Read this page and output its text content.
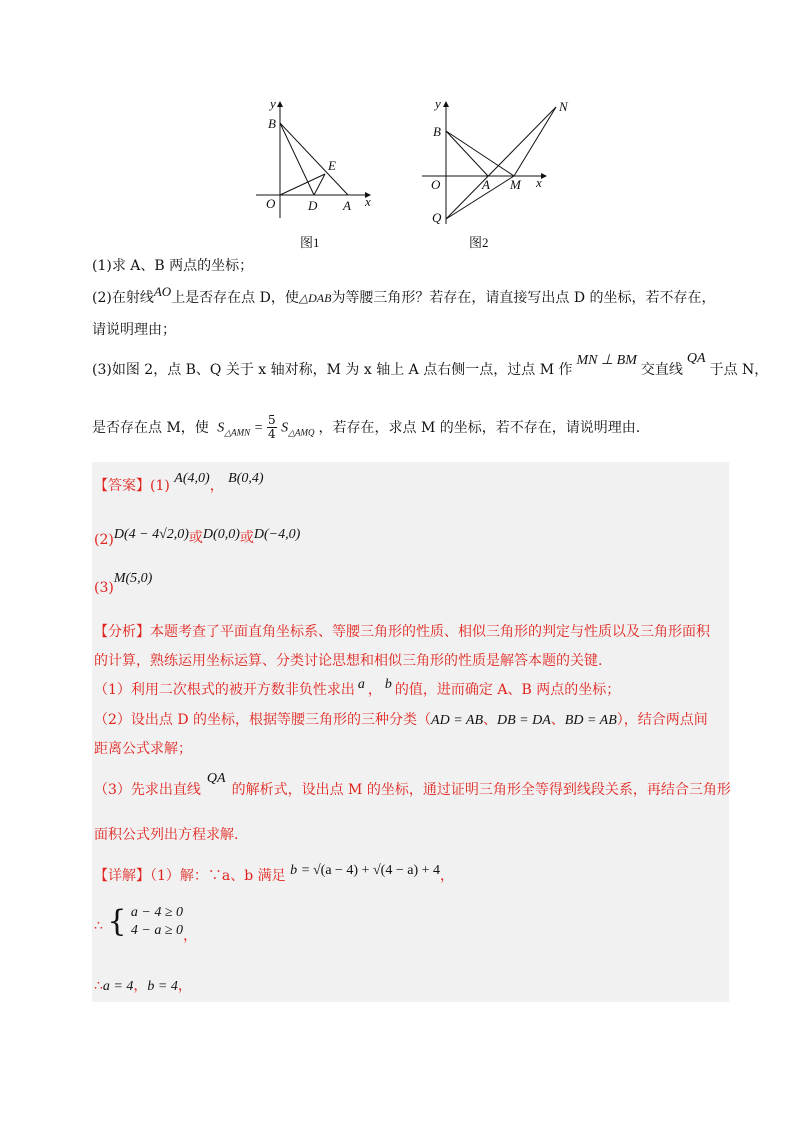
y
B
E
O	D A x
图1
y	N
B
O	A M x
Q
图2
(1)求 A、B 两点的坐标；
(2)在射线AO上是否存在点 D，使△DAB为等腰三角形？若存在，请直接写出点 D 的坐标，若不存在，
请说明理由；
(3)如图 2，点 B、Q 关于 x 轴对称，M 为 x 轴上 A 点右侧一点，过点 M 作MN ⊥ BM交直线QA于点 N，
是否存在点 M，使 $S_{\triangle AMN} = \frac{5}{4} S_{\triangle AMQ}$ ，若存在，求点 M 的坐标，若不存在，请说明理由.
【答案】(1) A(4,0)， B(0,4)
(2)D(4 − 4√2,0)或D(0,0)或D(−4,0)
(3)M(5,0)
【分析】本题考查了平面直角坐标系、等腰三角形的性质、相似三角形的判定与性质以及三角形面积
的计算，熟练运用坐标运算、分类讨论思想和相似三角形的性质是解答本题的关键.
（1）利用二次根式的被开方数非负性求出 a ， b 的值，进而确定 A、B 两点的坐标；
（2）设出点 D 的坐标，根据等腰三角形的三种分类（AD = AB、DB = DA、BD = AB），结合两点间
距离公式求解；
（3）先求出直线QA的解析式，设出点 M 的坐标，通过证明三角形全等得到线段关系，再结合三角形
面积公式列出方程求解.
【详解】（1）解：∵a、b 满足 b = √(a − 4) + √(4 − a) + 4，
∴ { a − 4 ≥ 0
4 − a ≥ 0 ，
∴a = 4，b = 4，
